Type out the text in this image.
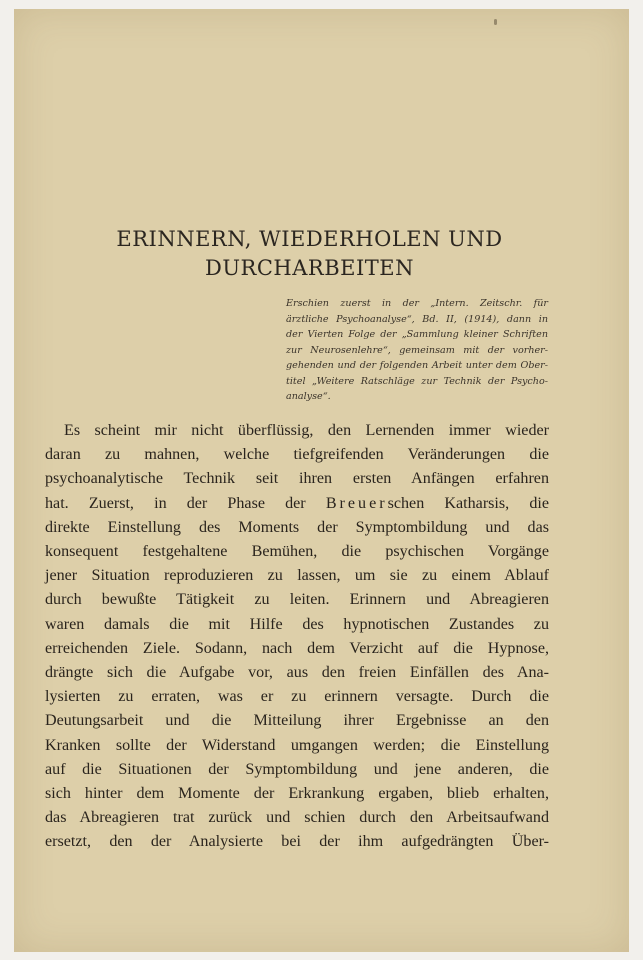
ERINNERN, WIEDERHOLEN UND
DURCHARBEITEN
Erschien zuerst in der „Intern. Zeitschr. für
ärztliche Psychoanalyse“, Bd. II, (1914), dann in
der Vierten Folge der „Sammlung kleiner Schriften
zur Neurosenlehre“, gemeinsam mit der vorher-
gehenden und der folgenden Arbeit unter dem Ober-
titel „Weitere Ratschläge zur Technik der Psycho-
analyse“.
Es scheint mir nicht überflüssig, den Lernenden immer wieder
daran zu mahnen, welche tiefgreifenden Veränderungen die
psychoanalytische Technik seit ihren ersten Anfängen erfahren
hat. Zuerst, in der Phase der Breuerschen Katharsis, die
direkte Einstellung des Moments der Symptombildung und das
konsequent festgehaltene Bemühen, die psychischen Vorgänge
jener Situation reproduzieren zu lassen, um sie zu einem Ablauf
durch bewußte Tätigkeit zu leiten. Erinnern und Abreagieren
waren damals die mit Hilfe des hypnotischen Zustandes zu
erreichenden Ziele. Sodann, nach dem Verzicht auf die Hypnose,
drängte sich die Aufgabe vor, aus den freien Einfällen des Ana-
lysierten zu erraten, was er zu erinnern versagte. Durch die
Deutungsarbeit und die Mitteilung ihrer Ergebnisse an den
Kranken sollte der Widerstand umgangen werden; die Einstellung
auf die Situationen der Symptombildung und jene anderen, die
sich hinter dem Momente der Erkrankung ergaben, blieb erhalten,
das Abreagieren trat zurück und schien durch den Arbeitsaufwand
ersetzt, den der Analysierte bei der ihm aufgedrängten Über-
